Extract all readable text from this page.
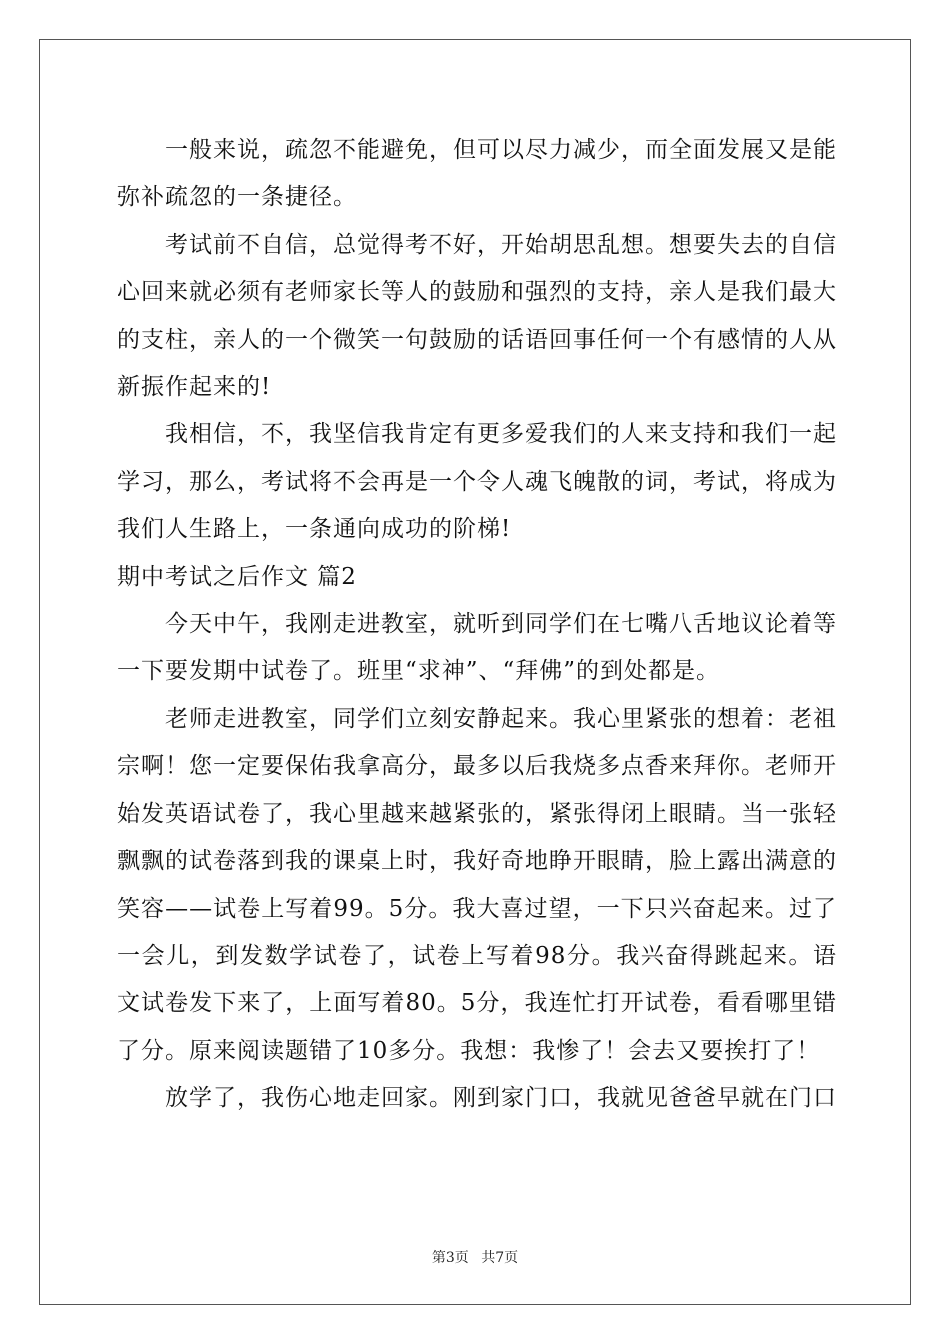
一般来说，疏忽不能避免，但可以尽力减少，而全面发展又是能弥补疏忽的一条捷径。

考试前不自信，总觉得考不好，开始胡思乱想。想要失去的自信心回来就必须有老师家长等人的鼓励和强烈的支持，亲人是我们最大的支柱，亲人的一个微笑一句鼓励的话语回事任何一个有感情的人从新振作起来的!

我相信，不，我坚信我肯定有更多爱我们的人来支持和我们一起学习，那么，考试将不会再是一个令人魂飞魄散的词，考试，将成为我们人生路上，一条通向成功的阶梯!

期中考试之后作文 篇2

今天中午，我刚走进教室，就听到同学们在七嘴八舌地议论着等一下要发期中试卷了。班里“求神”、“拜佛”的到处都是。

老师走进教室，同学们立刻安静起来。我心里紧张的想着：老祖宗啊！您一定要保佑我拿高分，最多以后我烧多点香来拜你。老师开始发英语试卷了，我心里越来越紧张的，紧张得闭上眼睛。当一张轻飘飘的试卷落到我的课桌上时，我好奇地睁开眼睛，脸上露出满意的笑容——试卷上写着99。5分。我大喜过望，一下只兴奋起来。过了一会儿，到发数学试卷了，试卷上写着98分。我兴奋得跳起来。语文试卷发下来了，上面写着80。5分，我连忙打开试卷，看看哪里错了分。原来阅读题错了10多分。我想：我惨了！会去又要挨打了！

放学了，我伤心地走回家。刚到家门口，我就见爸爸早就在门口

第3页 共7页
